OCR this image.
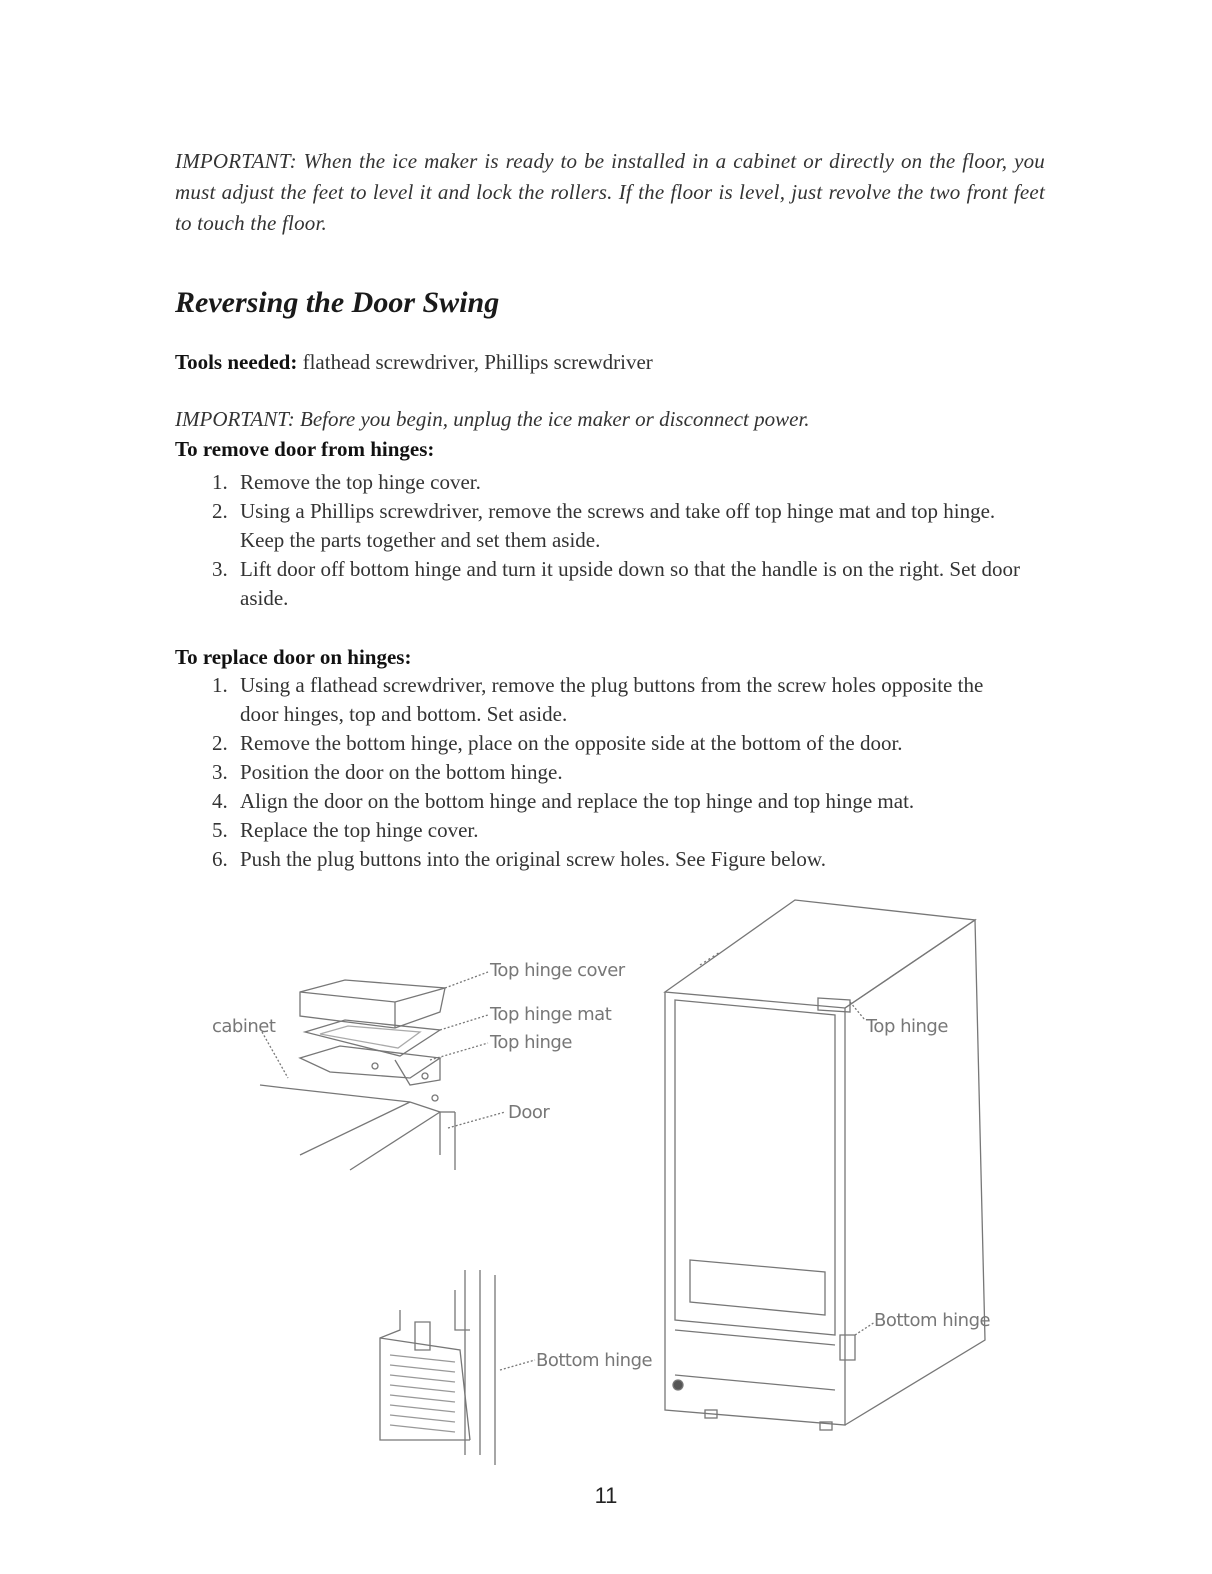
IMPORTANT: When the ice maker is ready to be installed in a cabinet or directly on the floor, you must adjust the feet to level it and lock the rollers. If the floor is level, just revolve the two front feet to touch the floor.
Reversing the Door Swing
Tools needed: flathead screwdriver, Phillips screwdriver
IMPORTANT: Before you begin, unplug the ice maker or disconnect power.
To remove door from hinges:
1. Remove the top hinge cover.
2. Using a Phillips screwdriver, remove the screws and take off top hinge mat and top hinge. Keep the parts together and set them aside.
3. Lift door off bottom hinge and turn it upside down so that the handle is on the right. Set door aside.
To replace door on hinges:
1. Using a flathead screwdriver, remove the plug buttons from the screw holes opposite the door hinges, top and bottom. Set aside.
2. Remove the bottom hinge, place on the opposite side at the bottom of the door.
3. Position the door on the bottom hinge.
4. Align the door on the bottom hinge and replace the top hinge and top hinge mat.
5. Replace the top hinge cover.
6. Push the plug buttons into the original screw holes. See Figure below.
Top hinge cover
Top hinge mat
Top hinge
cabinet
Door
Bottom hinge
Top hinge
Bottom hinge
11
